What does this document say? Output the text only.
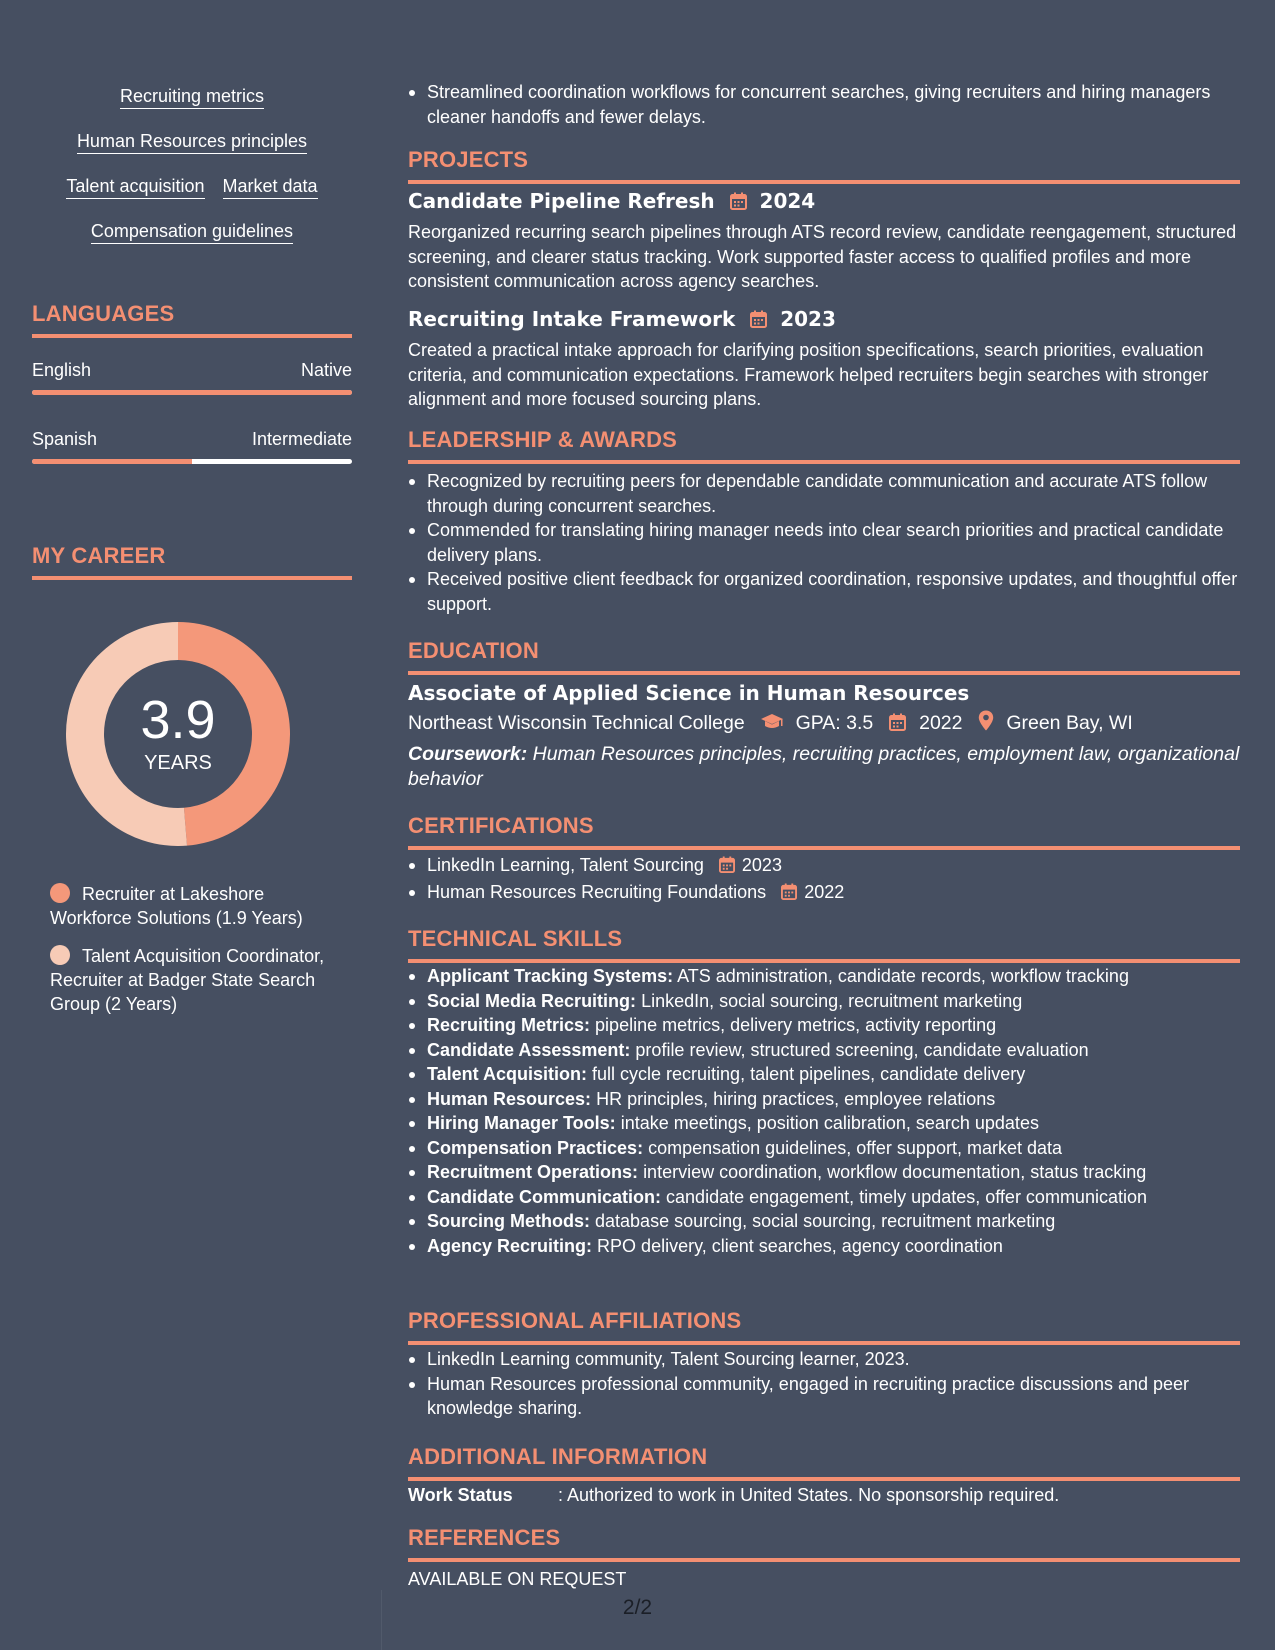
Recruiting metrics
Human Resources principles
Talent acquisition Market data
Compensation guidelines
LANGUAGES
English	Native
Spanish	Intermediate
MY CAREER
3.9
YEARS
Recruiter at Lakeshore Workforce Solutions (1.9 Years)
Talent Acquisition Coordinator, Recruiter at Badger State Search Group (2 Years)
Streamlined coordination workflows for concurrent searches, giving recruiters and hiring managers cleaner handoffs and fewer delays.
PROJECTS
Candidate Pipeline Refresh 2024
Reorganized recurring search pipelines through ATS record review, candidate reengagement, structured screening, and clearer status tracking. Work supported faster access to qualified profiles and more consistent communication across agency searches.
Recruiting Intake Framework 2023
Created a practical intake approach for clarifying position specifications, search priorities, evaluation criteria, and communication expectations. Framework helped recruiters begin searches with stronger alignment and more focused sourcing plans.
LEADERSHIP & AWARDS
Recognized by recruiting peers for dependable candidate communication and accurate ATS follow through during concurrent searches.
Commended for translating hiring manager needs into clear search priorities and practical candidate delivery plans.
Received positive client feedback for organized coordination, responsive updates, and thoughtful offer support.
EDUCATION
Associate of Applied Science in Human Resources
Northeast Wisconsin Technical College	GPA: 3.5 2022 Green Bay, WI
Coursework: Human Resources principles, recruiting practices, employment law, organizational behavior
CERTIFICATIONS
LinkedIn Learning, Talent Sourcing 2023
Human Resources Recruiting Foundations 2022
TECHNICAL SKILLS
Applicant Tracking Systems: ATS administration, candidate records, workflow tracking
Social Media Recruiting: LinkedIn, social sourcing, recruitment marketing
Recruiting Metrics: pipeline metrics, delivery metrics, activity reporting
Candidate Assessment: profile review, structured screening, candidate evaluation
Talent Acquisition: full cycle recruiting, talent pipelines, candidate delivery
Human Resources: HR principles, hiring practices, employee relations
Hiring Manager Tools: intake meetings, position calibration, search updates
Compensation Practices: compensation guidelines, offer support, market data
Recruitment Operations: interview coordination, workflow documentation, status tracking
Candidate Communication: candidate engagement, timely updates, offer communication
Sourcing Methods: database sourcing, social sourcing, recruitment marketing
Agency Recruiting: RPO delivery, client searches, agency coordination
PROFESSIONAL AFFILIATIONS
LinkedIn Learning community, Talent Sourcing learner, 2023.
Human Resources professional community, engaged in recruiting practice discussions and peer knowledge sharing.
ADDITIONAL INFORMATION
Work Status	: Authorized to work in United States. No sponsorship required.
REFERENCES
AVAILABLE ON REQUEST
2/2
